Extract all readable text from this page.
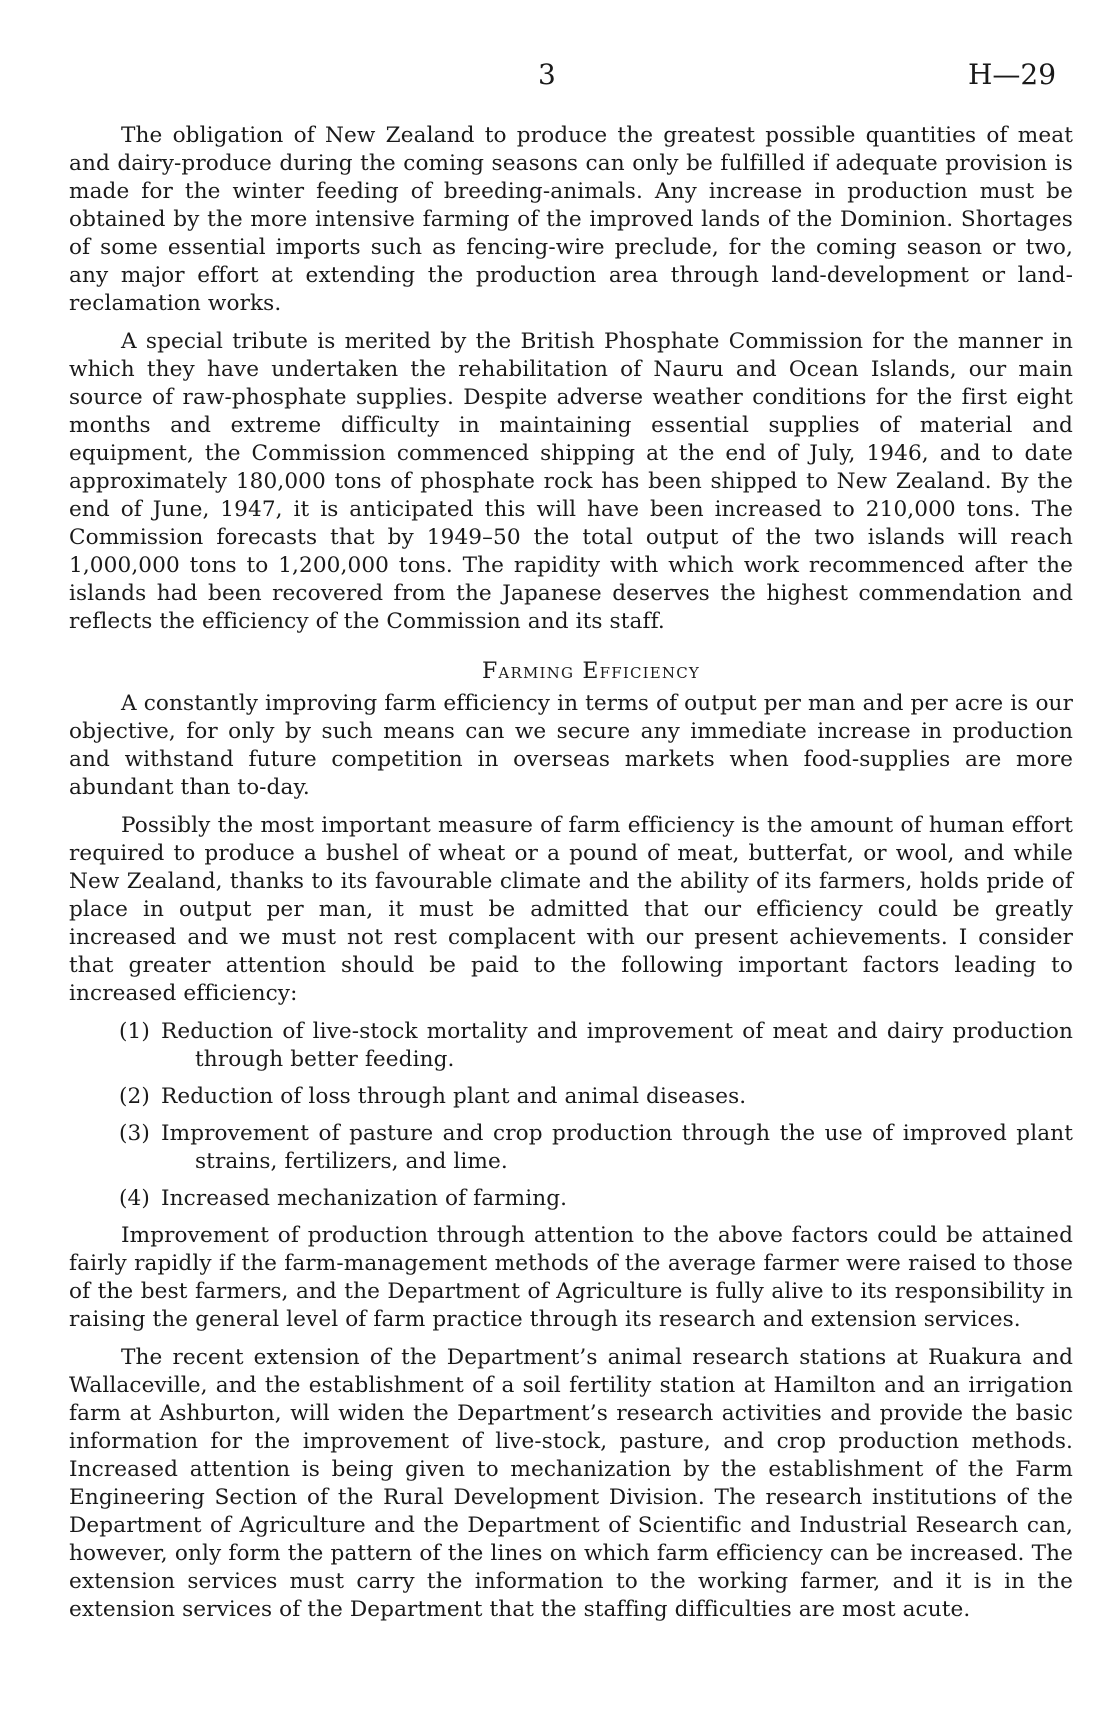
3	H—29

The obligation of New Zealand to produce the greatest possible quantities of meat and dairy-produce during the coming seasons can only be fulfilled if adequate provision is made for the winter feeding of breeding-animals. Any increase in production must be obtained by the more intensive farming of the improved lands of the Dominion. Shortages of some essential imports such as fencing-wire preclude, for the coming season or two, any major effort at extending the production area through land-development or land-reclamation works.

A special tribute is merited by the British Phosphate Commission for the manner in which they have undertaken the rehabilitation of Nauru and Ocean Islands, our main source of raw-phosphate supplies. Despite adverse weather conditions for the first eight months and extreme difficulty in maintaining essential supplies of material and equipment, the Commission commenced shipping at the end of July, 1946, and to date approximately 180,000 tons of phosphate rock has been shipped to New Zealand. By the end of June, 1947, it is anticipated this will have been increased to 210,000 tons. The Commission forecasts that by 1949–50 the total output of the two islands will reach 1,000,000 tons to 1,200,000 tons. The rapidity with which work recommenced after the islands had been recovered from the Japanese deserves the highest commendation and reflects the efficiency of the Commission and its staff.

Farming Efficiency

A constantly improving farm efficiency in terms of output per man and per acre is our objective, for only by such means can we secure any immediate increase in production and withstand future competition in overseas markets when food-supplies are more abundant than to-day.

Possibly the most important measure of farm efficiency is the amount of human effort required to produce a bushel of wheat or a pound of meat, butterfat, or wool, and while New Zealand, thanks to its favourable climate and the ability of its farmers, holds pride of place in output per man, it must be admitted that our efficiency could be greatly increased and we must not rest complacent with our present achievements. I consider that greater attention should be paid to the following important factors leading to increased efficiency:

(1) Reduction of live-stock mortality and improvement of meat and dairy production through better feeding.

(2) Reduction of loss through plant and animal diseases.

(3) Improvement of pasture and crop production through the use of improved plant strains, fertilizers, and lime.

(4) Increased mechanization of farming.

Improvement of production through attention to the above factors could be attained fairly rapidly if the farm-management methods of the average farmer were raised to those of the best farmers, and the Department of Agriculture is fully alive to its responsibility in raising the general level of farm practice through its research and extension services.

The recent extension of the Department’s animal research stations at Ruakura and Wallaceville, and the establishment of a soil fertility station at Hamilton and an irrigation farm at Ashburton, will widen the Department’s research activities and provide the basic information for the improvement of live-stock, pasture, and crop production methods. Increased attention is being given to mechanization by the establishment of the Farm Engineering Section of the Rural Development Division. The research institutions of the Department of Agriculture and the Department of Scientific and Industrial Research can, however, only form the pattern of the lines on which farm efficiency can be increased. The extension services must carry the information to the working farmer, and it is in the extension services of the Department that the staffing difficulties are most acute.
